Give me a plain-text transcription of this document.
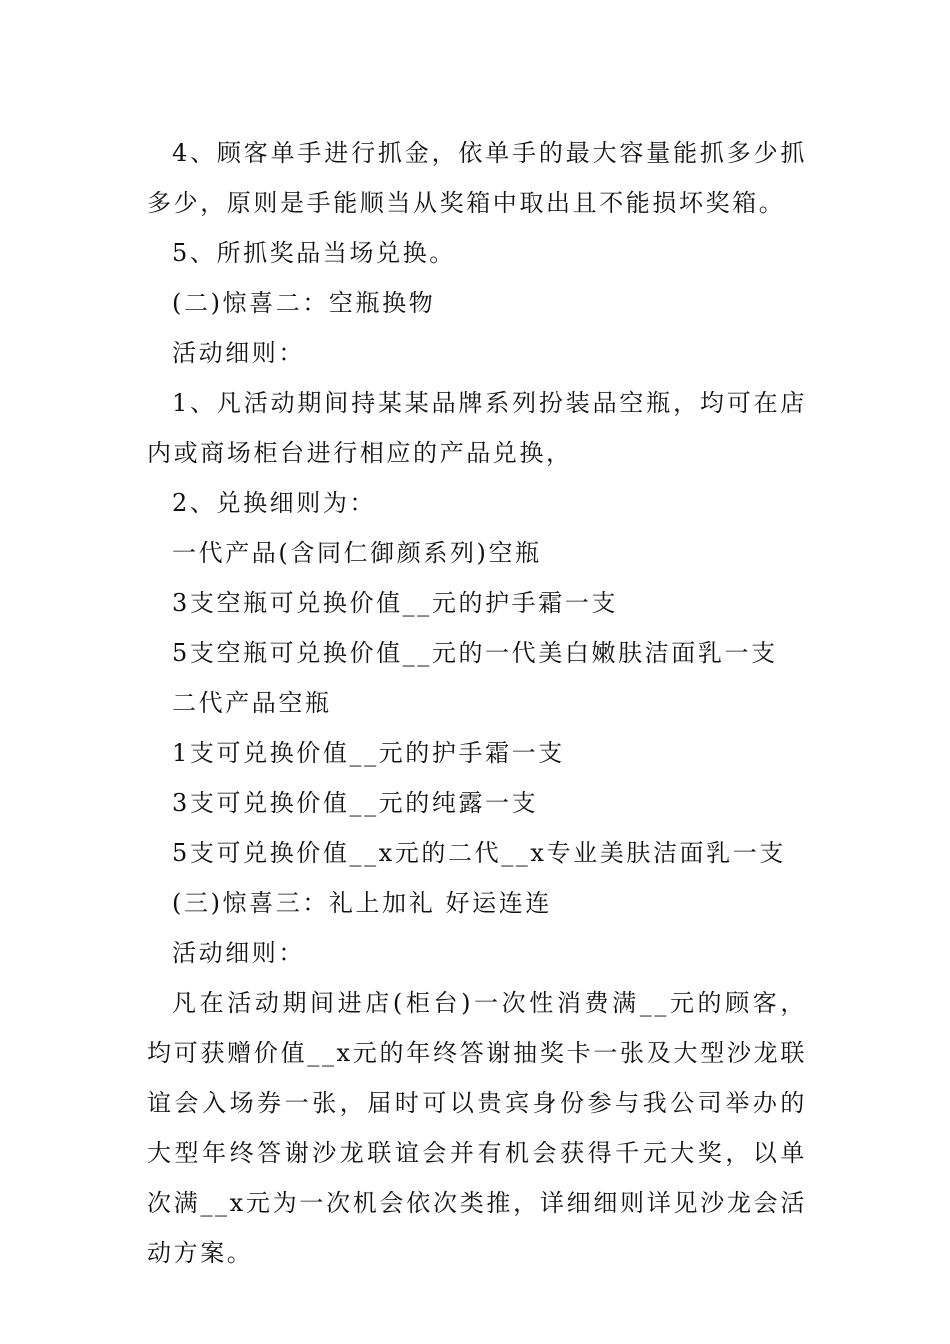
4、顾客单手进行抓金，依单手的最大容量能抓多少抓多少，原则是手能顺当从奖箱中取出且不能损坏奖箱。

5、所抓奖品当场兑换。

(二)惊喜二：空瓶换物

活动细则：

1、凡活动期间持某某品牌系列扮装品空瓶，均可在店内或商场柜台进行相应的产品兑换，

2、兑换细则为：

一代产品(含同仁御颜系列)空瓶

3支空瓶可兑换价值__元的护手霜一支

5支空瓶可兑换价值__元的一代美白嫩肤洁面乳一支

二代产品空瓶

1支可兑换价值__元的护手霜一支

3支可兑换价值__元的纯露一支

5支可兑换价值__x元的二代__x专业美肤洁面乳一支

(三)惊喜三：礼上加礼 好运连连

活动细则：

凡在活动期间进店(柜台)一次性消费满__元的顾客，均可获赠价值__x元的年终答谢抽奖卡一张及大型沙龙联谊会入场券一张，届时可以贵宾身份参与我公司举办的大型年终答谢沙龙联谊会并有机会获得千元大奖，以单次满__x元为一次机会依次类推，详细细则详见沙龙会活动方案。
